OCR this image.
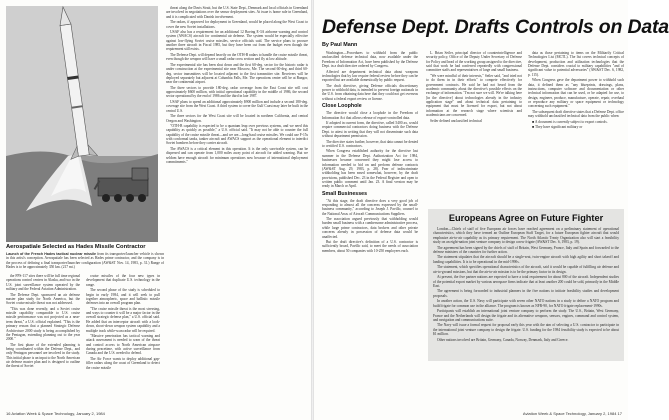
Aerospatiale Selected as Hades Missile Contractor
Launch of the French Hades tactical nuclear missile from its transporter/launcher vehicle is shown in this artist's conception. Aerospatiale has been selected as Hades prime contractor, and the company is in the process of defining a final transporter/launcher configuration (AW&ST Nov. 14, 1983, p. 31.) Range of Hades is to be approximately 350 km. (217 mi.)

the FPS-117 sites there will be full time regional operations control centers in Alaska, and two in the U.S. joint surveillance system operated by the military and the Federal Aviation Administration.

The Defense Dept. sponsored an air defense master plan study for North America, but the Soviet cruise missile threat was not addressed.

"This was done recently, and a Soviet cruise missile capability comparable to U.S. cruise missile performance was not projected as a near-term threat," a U.S. official explained. "This is the primary reason that a planned Strategic Defense Architecture 2000 study is being accomplished by the Pentagon, extending planning out to the year 2000."

The first phase of the extended planning is being coordinated within the Defense Dept., and only Pentagon personnel are involved in the study. This initial phase is an input to the North American air defense master plan and is designed to outline the threat of Soviet

cruise missiles of the four new types in development that duplicate U.S. technology in the range.

The second phase of the study is scheduled to begin in early 1984, and it will seek to pull together atmospheric, space and ballistic missile defenses into an overall program plan.

"The cruise missile threat is the most stressing, and ways to counter it will be a major factor in the overall strategic defense plan," a U.S. official said. He added that an interceptor aircraft with a look-down, shoot-down weapon system capability and a multiple track while-scan radar will be required.

"Massive penetration has tactical warning and attack assessment is needed to warn of the threat and control access to North American airspace during peacetime, with active surveillance from Canada and the U.S. needed to defend.

The Air Force wants to deploy additional gap-filler radars along the coast of Greenland to detect the cruise missile

threat along the Davis Strait, but the U.S. State Dept., Denmark and local officials in Greenland are involved in negotiations over the sensor deployment sites. At issue is home rule in Greenland, and it is complicated with Danish involvement.

The radars, if approved for deployment in Greenland, would be placed along the West Coast to cover the new Soviet installations.

USAF also has a requirement for an additional 12 Boeing E-3A airborne warning and control system (AWACS) aircraft for continental air defense. The system would be especially effective against low-flying Soviet cruise missiles, service officials said. The service plans to procure another three aircraft in Fiscal 1985, but they have been cut from the budget even though the requirement still exists.

The Defense Dept. will depend heavily on the OTH-B radars to handle the cruise missile threat, even though the weapon will have a small radar cross section and fly at low altitude.

The experimental site has been shut down and the first 60-deg. sector for the historic radar is under construction at the experimental site near Moscow, Me. The second 60-deg. and third 60-deg. sector transmitters will be located adjacent to the first transmitter site. Receivers will be deployed separately but adjacent at Columbia Falls, Me. The operations center will be at Bangor, near the continental airport.

The three sectors to provide 180-deg. radar coverage from the East Coast site will cost approximately $600 million, with initial operational capability in the middle of 1986, the second sector operational by the end of 1986 and the third in late 1987.

USAF plans to spend an additional approximately $900 million and include a second 180-deg. coverage site from the West Coast. A third system to cover the Gulf Coast may later be built in the central U.S.

The three sectors for the West Coast site will be located in northern California, and central Oregon and Washington.

"OTH-B capability is expected to be a quantum leap over previous systems, and we need this capability as quickly as possible," a U.S. official said. "It may not be able to counter the full capability of the cruise missile threat—and we are—long-haul cruise missiles. We could use F-15s with conformal tanks, tanker aircraft and AWACS support as the operational element to interdict Soviet bombers before they carrier aircraft.

The AWACS is a critical element in this operation. It is the only survivable system, can be dispersed and can operate from 1,000 miles away point of aircraft for added warning. But we seldom have enough aircraft for minimum operations now because of international deployment commitments."

16 Aviation Week & Space Technology, January 2, 1984
Defense Dept. Drafts Controls on Data
By Paul Mann

Washington—Procedures to withhold from the public unclassified defense technical data, now available under the Freedom of Information Act, have been published by the Defense Dept. in a draft directive ordered by Congress.

Affected are department technical data about weapons technologies that by law require federal review before they can be exported but are available domestically by public request.

The draft directive, giving Defense officials discretionary power to withhold data, is intended to prevent foreign nationals in the U.S. from obtaining data here that they could not get overseas without a federal export review or license.

Close Loophole

The directive would close a loophole in the Freedom of Information Act that allows release of export-controlled data.

If adopted in current form, the directive, called 5400.xx, would require commercial contractors doing business with the Defense Dept. to attest in writing that they will not disseminate such data without department permission.

The directive states further, however, that data cannot be denied to certified U.S. contractors.

When Congress established authority for the directive last summer in the Defense Dept. Authorization Act for 1984, businesses became concerned they might lose access to information needed to bid on and perform defense contracts (AW&ST Aug. 29, 1983, p. 28). Fear of indiscriminate withholding has been eased somewhat, however, by the draft provisions, published Dec. 23 in the Federal Register and open to written public comment until Jan. 23. A final version may be ready in March or April.

Small Businesses

"At this stage, the draft directive does a very good job of responding to almost all the concerns expressed by the small-business community," according to Joseph J. Pavillo, counsel to the National Assn. of Aircraft Communications Suppliers.

The association argued previously that withholding would burden small business with a cumbersome administrative process, while large prime contractors, data brokers and other private concerns already in possession of defense data would be unaffected.

But the draft directive's definition of a U.S. contractor is sufficiently broad, Pavillo said, to meet the needs of association members, about 50 companies with 10-250 employees each.

L. Brian Seiler, principal director of counterintelligence and security policy, Office of the Deputy Under Secretary of Defense for Policy and head of the working group assigned to the directive, said that work he had conferred repeatedly with congressional committee staffs and representatives of large and small business.

"We were mindful of their interests," Seiler said, "and tried not to do them in in their efforts" to compete effectively for government contracts. He said he had not heard from the academic community about the directive's possible effects on the exchange of information. "I'm not sure we will. We're talking here [in the directive] about technologies already in the industry application stage" and about technical data pertaining to equipment that must be licensed for export, but not about information at the research stage where scientists and academicians are concerned.

Seiler defined unclassified technical

data as those pertaining to items on the Militarily Critical Technologies List (MCTL). The list covers technical concepts of development, production and utilization technologies that the Defense Dept. considers crucial to military capabilities "and of significant value to potential adversaries" (AW&ST Dec. 6, 1982, p. 115).

When Congress gave the department power to withhold such data, it defined them as "any blueprints, drawings, plans, instructions, computer software and documentation or other technical information that can be used, or be adapted for use, to design, engineer, produce, manufacture, operate, repair, overhaul or reproduce any military or space equipment or technology concerning such equipment."

The subsequent draft directive states that a Defense Dept. office may withhold unclassified technical data from the public when:

■ A document is currently subject to export controls.

■ They have significant military or

Europeans Agree on Future Fighter

London—Chiefs of staff of five European air forces have reached agreement on a preliminary statement of operational characteristics, which they have termed an Outline European Staff Target, for a future European fighter aircraft that would emphasize air-to-air capability as its primary requirement. The North Atlantic Treaty Organization also will start a feasibility study on an eight-nation joint venture company to design a new frigate (AW&ST Dec. 6, 1983, p. 19).

The agreement has been signed by the chiefs of staff of Britain, West Germany, France, Italy and Spain and forwarded to the defense ministers of the countries for further action.

The statement stipulates that the aircraft should be a single-seat, twin-engine aircraft with high agility and short takeoff and landing capabilities. It is to be operational in the mid-1990s.

The statement, which specifies operational characteristics of the aircraft, said it would be capable of fulfilling air defense and air-to-ground missions, but that the air-to-air mission is to be the primary factor in its design.

At present, the five partner nations are expected to have a total requirement for about 800 of the aircraft. Independent studies of the potential export market by various aerospace firms indicate that at least another 200 could be sold, primarily in the Middle East.

The agreement is being forwarded to industrial planners in the five nations to initiate feasibility studies and development proposals.

In another action, the U.S. Navy will participate with seven other NATO nations in a study to define a NATO program and build frigate for common use in the alliance. The program is known as NFR-90, for NATO frigate replacement-1990s.

Participants will establish an international joint venture company to perform the study. The U.S., Britain, West Germany, France and the Netherlands will design the frigate and its alternative weapons, sensors, engines, command and control system, and navigation and communications suite.

The Navy will issue a formal request for proposal early this year with the aim of selecting a U.S. contractor to participate in the international joint venture company to design the frigate. U.S. funding for the 1984 feasibility study is expected to be about $1 million.

Other nations involved are Britain, Germany, Canada, Norway, Denmark, Italy and Greece.

Aviation Week & Space Technology, January 2, 1984 17
